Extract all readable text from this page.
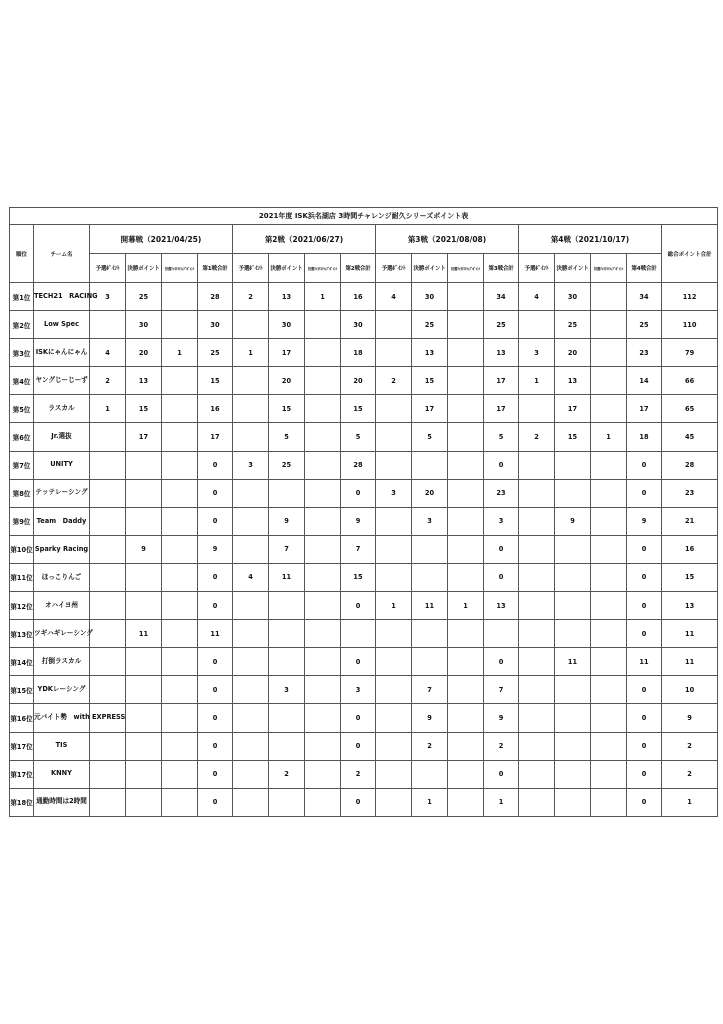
2021年度 ISK浜名湖店 3時間チャレンジ耐久シリーズポイント表																		
順位	チーム名	開幕戦（2021/04/25)				第2戦（2021/06/27)				第3戦（2021/08/08)				第4戦（2021/10/17)				総合ポイント合計
		予選ﾎﾟｲﾝﾄ	決勝ポイント	決勝ﾌｧｽﾃｽﾄﾗｯﾌﾟﾎﾟｲﾝﾄ	第1戦合計	予選ﾎﾟｲﾝﾄ	決勝ポイント	決勝ﾌｧｽﾃｽﾄﾗｯﾌﾟﾎﾟｲﾝﾄ	第2戦合計	予選ﾎﾟｲﾝﾄ	決勝ポイント	決勝ﾌｧｽﾃｽﾄﾗｯﾌﾟﾎﾟｲﾝﾄ	第3戦合計	予選ﾎﾟｲﾝﾄ	決勝ポイント	決勝ﾌｧｽﾃｽﾄﾗｯﾌﾟﾎﾟｲﾝﾄ	第4戦合計	
第1位	TECH21　RACING	3	25		28	2	13	1	16	4	30		34	4	30		34	112
第2位	Low Spec		30		30		30		30		25		25		25		25	110
第3位	ISKにゃんにゃん	4	20	1	25	1	17		18		13		13	3	20		23	79
第4位	ヤングじーじーず	2	13		15		20		20	2	15		17	1	13		14	66
第5位	ラスカル	1	15		16		15		15		17		17		17		17	65
第6位	Jr.選抜		17		17		5		5		5		5	2	15	1	18	45
第7位	UNITY				0	3	25		28				0				0	28
第8位	テッテレーシング				0				0	3	20		23				0	23
第9位	Team　Daddy				0		9		9		3		3		9		9	21
第10位	Sparky Racing		9		9		7		7				0				0	16
第11位	ほっこりんご				0	4	11		15				0				0	15
第12位	オハイヨ州				0				0	1	11	1	13				0	13
第13位	ツギハギレーシング		11		11												0	11
第14位	打倒ラスカル				0				0				0		11		11	11
第15位	YDKレーシング				0		3		3		7		7				0	10
第16位	元バイト勢　with EXPRESS				0				0		9		9				0	9
第17位	TIS				0				0		2		2				0	2
第17位	KNNY				0		2		2				0				0	2
第18位	通勤時間は2時間				0				0		1		1				0	1
